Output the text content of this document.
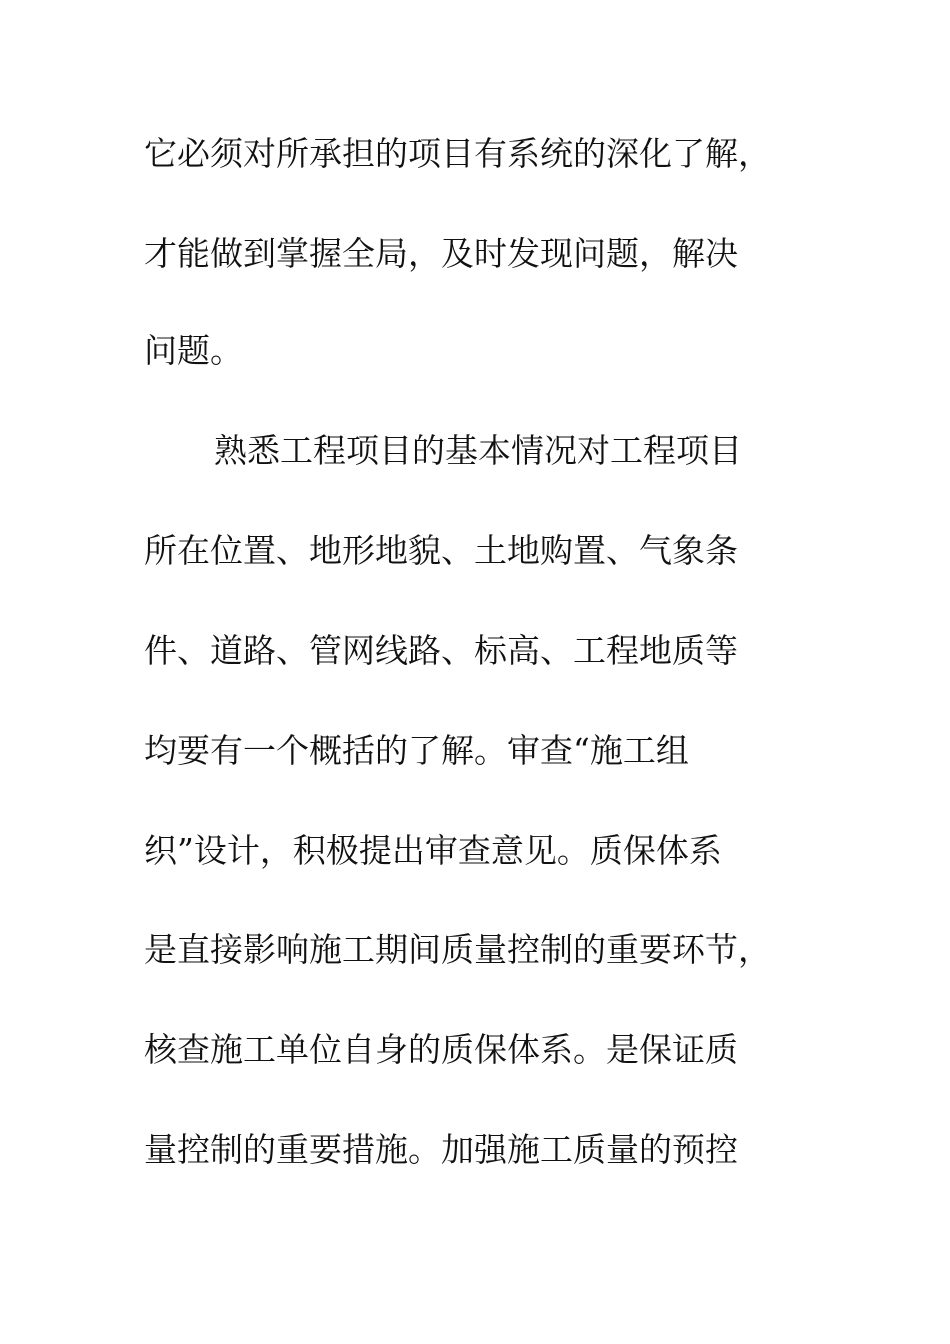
它必须对所承担的项目有系统的深化了解，
才能做到掌握全局，及时发现问题，解决
问题。
熟悉工程项目的基本情况对工程项目
所在位置、地形地貌、土地购置、气象条
件、道路、管网线路、标高、工程地质等
均要有一个概括的了解。审查“施工组
织”设计，积极提出审查意见。质保体系
是直接影响施工期间质量控制的重要环节，
核查施工单位自身的质保体系。是保证质
量控制的重要措施。加强施工质量的预控
